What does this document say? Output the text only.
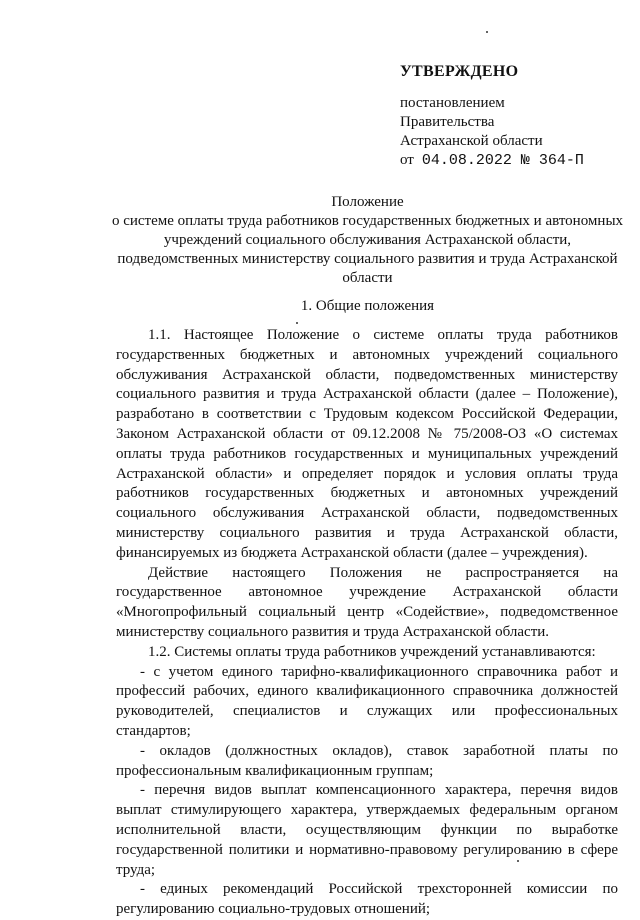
УТВЕРЖДЕНО
постановлением
Правительства
Астраханской области
от 04.08.2022 № 364-П
Положение
о системе оплаты труда работников государственных бюджетных и автономных учреждений социального обслуживания Астраханской области, подведомственных министерству социального развития и труда Астраханской области
1. Общие положения

1.1. Настоящее Положение о системе оплаты труда работников государственных бюджетных и автономных учреждений социального обслуживания Астраханской области, подведомственных министерству социального развития и труда Астраханской области (далее – Положение), разработано в соответствии с Трудовым кодексом Российской Федерации, Законом Астраханской области от 09.12.2008 № 75/2008-ОЗ «О системах оплаты труда работников государственных и муниципальных учреждений Астраханской области» и определяет порядок и условия оплаты труда работников государственных бюджетных и автономных учреждений социального обслуживания Астраханской области, подведомственных министерству социального развития и труда Астраханской области, финансируемых из бюджета Астраханской области (далее – учреждения).

Действие настоящего Положения не распространяется на государственное автономное учреждение Астраханской области «Многопрофильный социальный центр «Содействие», подведомственное министерству социального развития и труда Астраханской области.

1.2. Системы оплаты труда работников учреждений устанавливаются:

- с учетом единого тарифно-квалификационного справочника работ и профессий рабочих, единого квалификационного справочника должностей руководителей, специалистов и служащих или профессиональных стандартов;

- окладов (должностных окладов), ставок заработной платы по профессиональным квалификационным группам;

- перечня видов выплат компенсационного характера, перечня видов выплат стимулирующего характера, утверждаемых федеральным органом исполнительной власти, осуществляющим функции по выработке государственной политики и нормативно-правовому регулированию в сфере труда;

- единых рекомендаций Российской трехсторонней комиссии по регулированию социально-трудовых отношений;
